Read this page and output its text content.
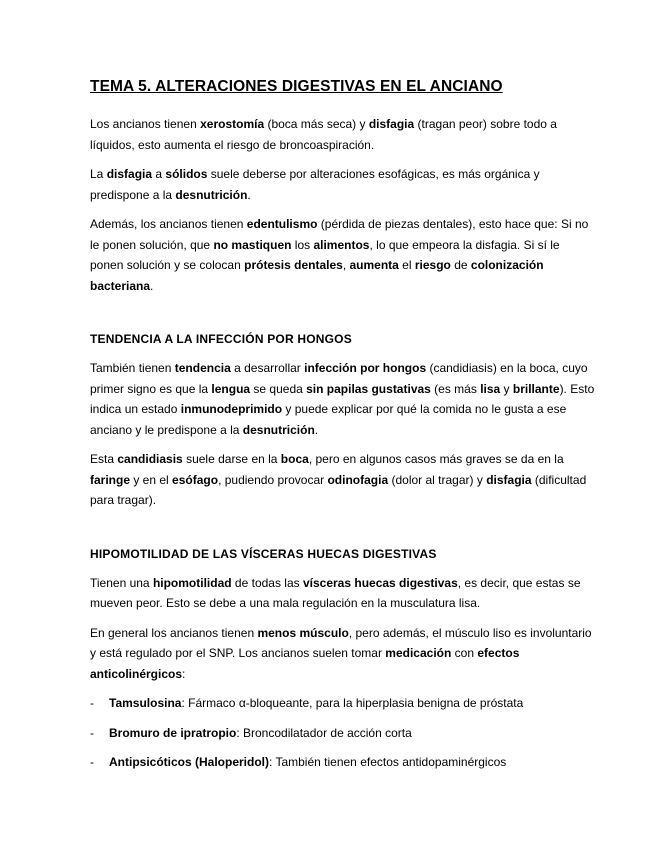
TEMA 5. ALTERACIONES DIGESTIVAS EN EL ANCIANO

Los ancianos tienen xerostomía (boca más seca) y disfagia (tragan peor) sobre todo a líquidos, esto aumenta el riesgo de broncoaspiración.

La disfagia a sólidos suele deberse por alteraciones esofágicas, es más orgánica y predispone a la desnutrición.

Además, los ancianos tienen edentulismo (pérdida de piezas dentales), esto hace que: Si no le ponen solución, que no mastiquen los alimentos, lo que empeora la disfagia. Si sí le ponen solución y se colocan prótesis dentales, aumenta el riesgo de colonización bacteriana.

TENDENCIA A LA INFECCIÓN POR HONGOS

También tienen tendencia a desarrollar infección por hongos (candidiasis) en la boca, cuyo primer signo es que la lengua se queda sin papilas gustativas (es más lisa y brillante). Esto indica un estado inmunodeprimido y puede explicar por qué la comida no le gusta a ese anciano y le predispone a la desnutrición.

Esta candidiasis suele darse en la boca, pero en algunos casos más graves se da en la faringe y en el esófago, pudiendo provocar odinofagia (dolor al tragar) y disfagia (dificultad para tragar).

HIPOMOTILIDAD DE LAS VÍSCERAS HUECAS DIGESTIVAS

Tienen una hipomotilidad de todas las vísceras huecas digestivas, es decir, que estas se mueven peor. Esto se debe a una mala regulación en la musculatura lisa.

En general los ancianos tienen menos músculo, pero además, el músculo liso es involuntario y está regulado por el SNP. Los ancianos suelen tomar medicación con efectos anticolinérgicos:

-	Tamsulosina: Fármaco α-bloqueante, para la hiperplasia benigna de próstata
-	Bromuro de ipratropio: Broncodilatador de acción corta
-	Antipsicóticos (Haloperidol): También tienen efectos antidopaminérgicos
